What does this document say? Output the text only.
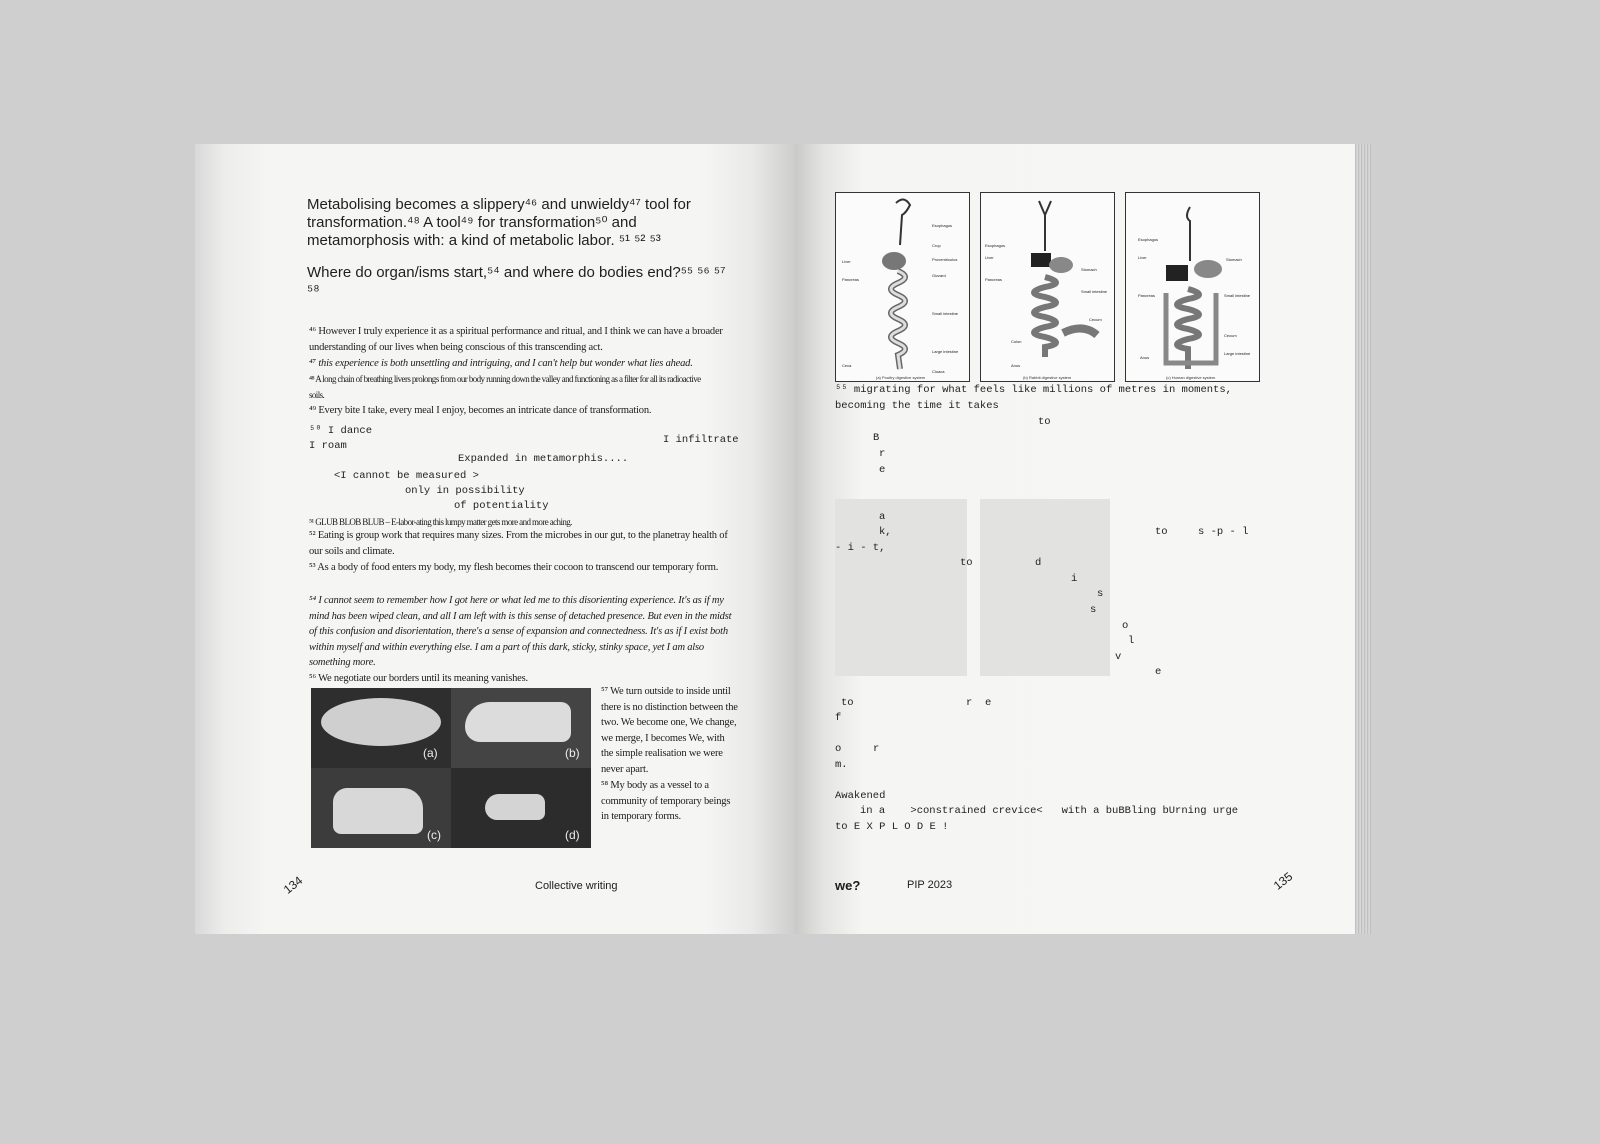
Metabolising becomes a slippery⁴⁶ and unwieldy⁴⁷ tool for transformation.⁴⁸ A tool⁴⁹ for transformation⁵⁰ and metamorphosis with: a kind of metabolic labor. ⁵¹ ⁵² ⁵³
Where do organ/isms start,⁵⁴ and where do bodies end?⁵⁵ ⁵⁶ ⁵⁷ ⁵⁸
⁴⁶ However I truly experience it as a spiritual performance and ritual, and I think we can have a broader understanding of our lives when being conscious of this transcending act.
⁴⁷ this experience is both unsettling and intriguing, and I can't help but wonder what lies ahead.
⁴⁸ A long chain of breathing livers prolongs from our body running down the valley and functioning as a filter for all its radioactive soils.
⁴⁹ Every bite I take, every meal I enjoy, becomes an intricate dance of transformation.
⁵⁰ I dance
I roam	I infiltrate
Expanded in metamorphis....
<I cannot be measured >
only in possibility
of potentiality
⁵¹ GLUB BLOB BLUB – E-labor-ating this lumpy matter gets more and more aching.
⁵² Eating is group work that requires many sizes. From the microbes in our gut, to the planetray health of our soils and climate.
⁵³ As a body of food enters my body, my flesh becomes their cocoon to transcend our temporary form.
⁵⁴ I cannot seem to remember how I got here or what led me to this disorienting experience. It's as if my mind has been wiped clean, and all I am left with is this sense of detached presence. But even in the midst of this confusion and disorientation, there's a sense of expansion and connectedness. It's as if I exist both within myself and within everything else. I am a part of this dark, sticky, stinky space, yet I am also something more.
⁵⁶ We negotiate our borders until its meaning vanishes.
(a)	(b)
(c)	(d)
⁵⁷ We turn outside to inside until there is no distinction between the two. We become one, We change, we merge, I becomes We, with the simple realisation we were never apart.
⁵⁸ My body as a vessel to a community of temporary beings in temporary forms.
134	Collective writing
Esophagus
Crop
Proventriculus
Gizzard
Liver
Pancreas
Small intestine
Large intestine
Ceca
Cloaca
(a) Poultry digestive system
Esophagus
Liver
Pancreas
Stomach
Small intestine
Cecum
Colon
Anus
(b) Rabbit digestive system
Esophagus
Liver	Stomach
Pancreas	Small intestine
Cecum
Large intestine
Anus
(c) Human digestive system
⁵⁵ migrating for what feels like millions of metres in moments,
becoming the time it takes
to
B
r
e
a
k,
- i - t,
to
to	s -p - l
d
i
s
s
o
l
v
e
to	r e
f
o	r
m.
Awakened
in a    >constrained crevice<   with a buBBling bUrning urge
to E X P L O D E !
we?	PIP 2023	135
